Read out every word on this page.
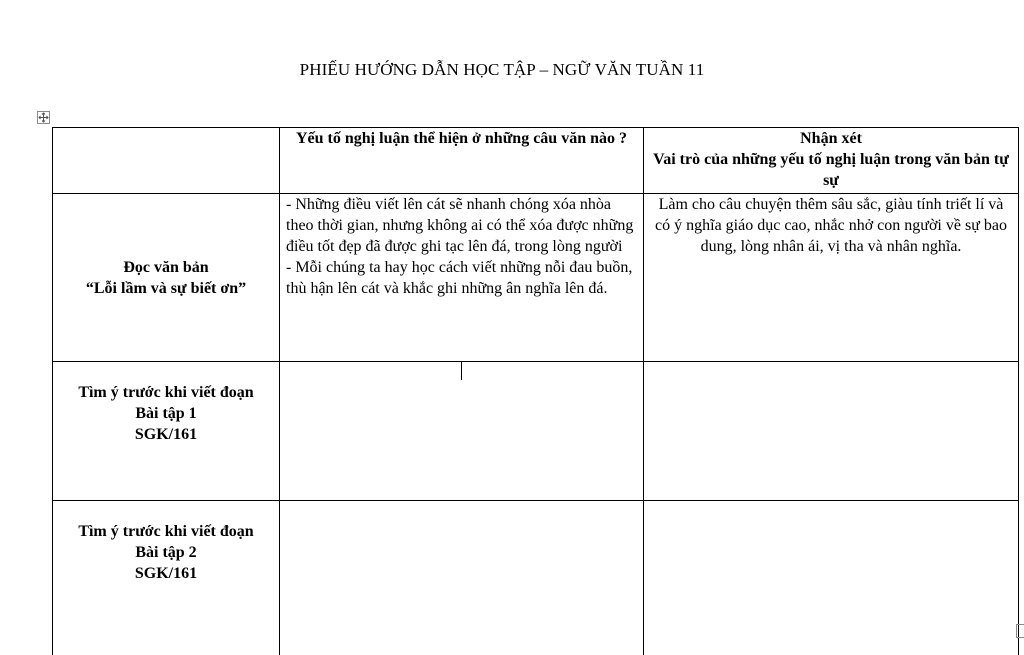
PHIẾU HƯỚNG DẪN HỌC TẬP – NGỮ VĂN TUẦN 11
	Yếu tố nghị luận thể hiện ở những câu văn nào ?	Nhận xét
Vai trò của những yếu tố nghị luận trong văn bản tự sự

Đọc văn bản
“Lỗi lầm và sự biết ơn”	- Những điều viết lên cát sẽ nhanh chóng xóa nhòa theo thời gian, nhưng không ai có thể xóa được những điều tốt đẹp đã được ghi tạc lên đá, trong lòng người
- Mỗi chúng ta hay học cách viết những nỗi đau buồn, thù hận lên cát và khắc ghi những ân nghĩa lên đá.	Làm cho câu chuyện thêm sâu sắc, giàu tính triết lí và có ý nghĩa giáo dục cao, nhắc nhở con người về sự bao dung, lòng nhân ái, vị tha và nhân nghĩa.

Tìm ý trước khi viết đoạn
Bài tập 1
SGK/161		

Tìm ý trước khi viết đoạn
Bài tập 2
SGK/161		
